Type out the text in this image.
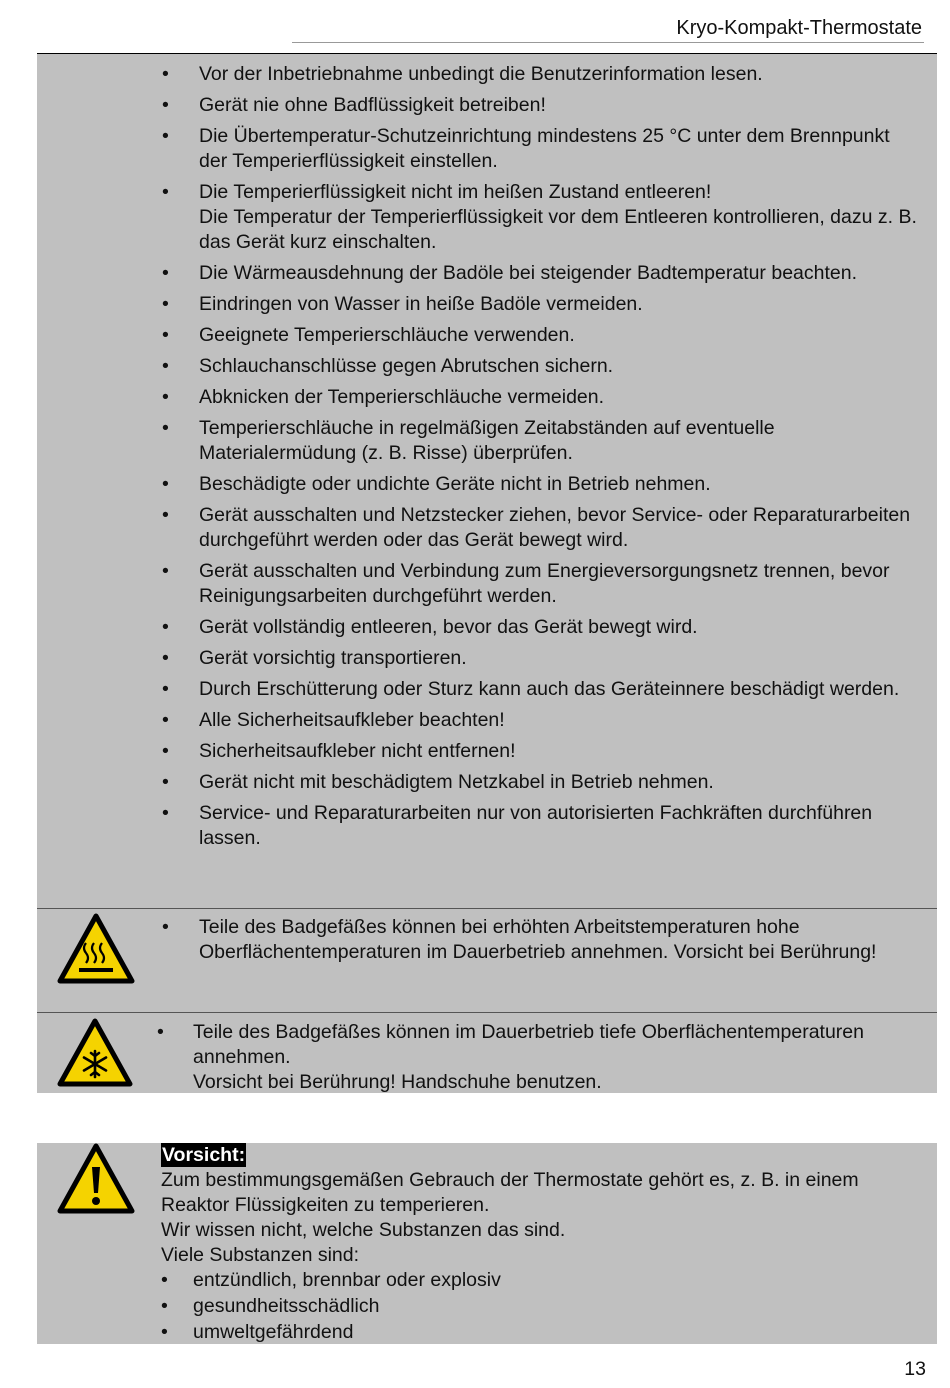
Kryo-Kompakt-Thermostate
• Vor der Inbetriebnahme unbedingt die Benutzerinformation lesen.
• Gerät nie ohne Badflüssigkeit betreiben!
• Die Übertemperatur-Schutzeinrichtung mindestens 25 °C unter dem Brennpunkt der Temperierflüssigkeit einstellen.
• Die Temperierflüssigkeit nicht im heißen Zustand entleeren!
Die Temperatur der Temperierflüssigkeit vor dem Entleeren kontrollieren, dazu z. B. das Gerät kurz einschalten.
• Die Wärmeausdehnung der Badöle bei steigender Badtemperatur beachten.
• Eindringen von Wasser in heiße Badöle vermeiden.
• Geeignete Temperierschläuche verwenden.
• Schlauchanschlüsse gegen Abrutschen sichern.
• Abknicken der Temperierschläuche vermeiden.
• Temperierschläuche in regelmäßigen Zeitabständen auf eventuelle Materialermüdung (z. B. Risse) überprüfen.
• Beschädigte oder undichte Geräte nicht in Betrieb nehmen.
• Gerät ausschalten und Netzstecker ziehen, bevor Service- oder Reparaturarbeiten durchgeführt werden oder das Gerät bewegt wird.
• Gerät ausschalten und Verbindung zum Energieversorgungsnetz trennen, bevor Reinigungsarbeiten durchgeführt werden.
• Gerät vollständig entleeren, bevor das Gerät bewegt wird.
• Gerät vorsichtig transportieren.
• Durch Erschütterung oder Sturz kann auch das Geräteinnere beschädigt werden.
• Alle Sicherheitsaufkleber beachten!
• Sicherheitsaufkleber nicht entfernen!
• Gerät nicht mit beschädigtem Netzkabel in Betrieb nehmen.
• Service- und Reparaturarbeiten nur von autorisierten Fachkräften durchführen lassen.
• Teile des Badgefäßes können bei erhöhten Arbeitstemperaturen hohe Oberflächentemperaturen im Dauerbetrieb annehmen. Vorsicht bei Berührung!
• Teile des Badgefäßes können im Dauerbetrieb tiefe Oberflächentemperaturen annehmen.
Vorsicht bei Berührung! Handschuhe benutzen.
Vorsicht:

Zum bestimmungsgemäßen Gebrauch der Thermostate gehört es, z. B. in einem Reaktor Flüssigkeiten zu temperieren.

Wir wissen nicht, welche Substanzen das sind.

Viele Substanzen sind:

• entzündlich, brennbar oder explosiv
• gesundheitsschädlich
• umweltgefährdend
13
